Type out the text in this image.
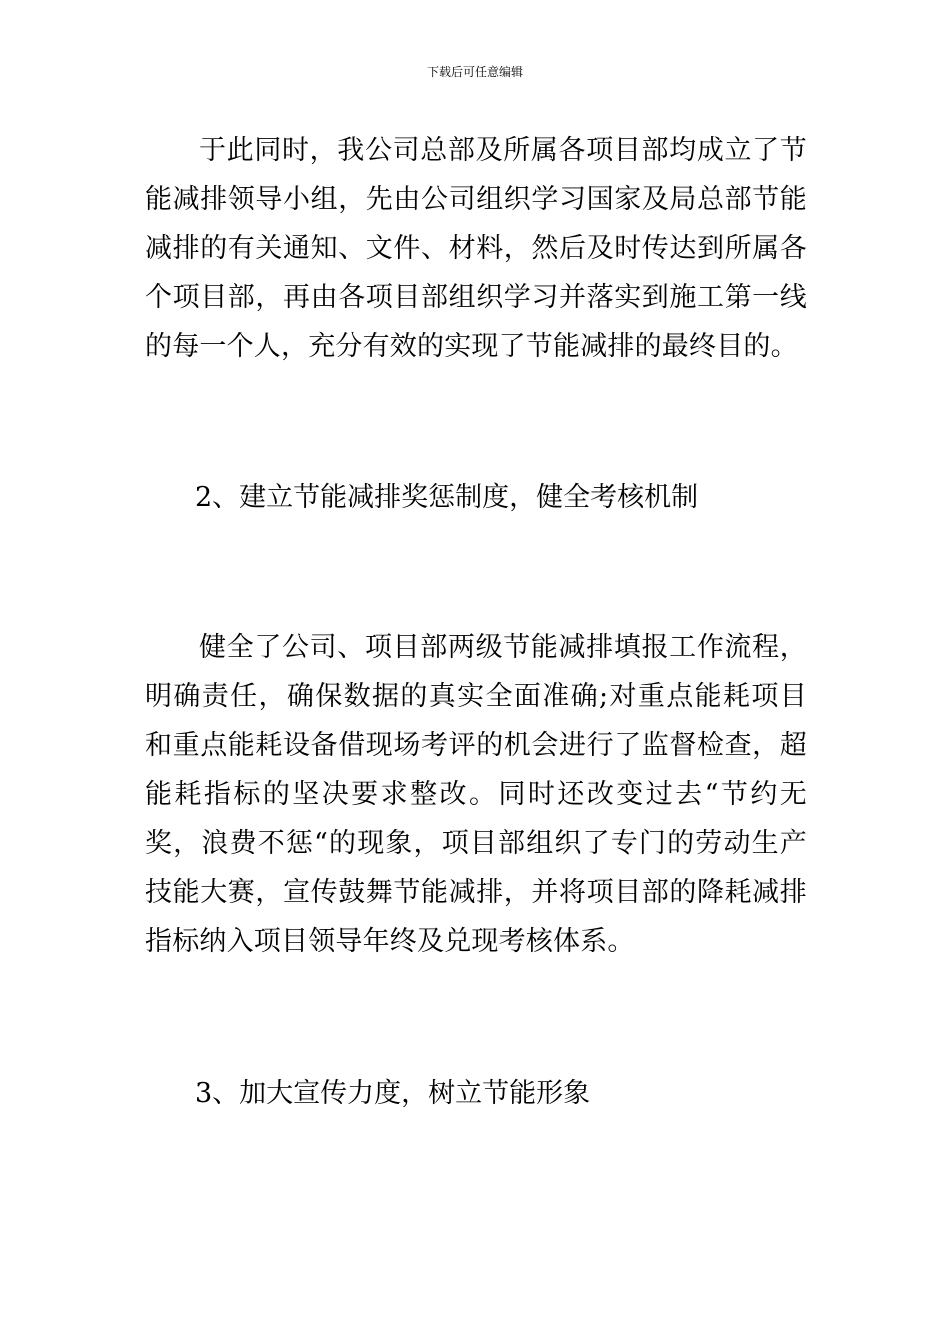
下载后可任意编辑

于此同时，我公司总部及所属各项目部均成立了节能减排领导小组，先由公司组织学习国家及局总部节能减排的有关通知、文件、材料，然后及时传达到所属各个项目部，再由各项目部组织学习并落实到施工第一线的每一个人，充分有效的实现了节能减排的最终目的。

2、建立节能减排奖惩制度，健全考核机制

健全了公司、项目部两级节能减排填报工作流程，明确责任，确保数据的真实全面准确;对重点能耗项目和重点能耗设备借现场考评的机会进行了监督检查，超能耗指标的坚决要求整改。同时还改变过去“节约无奖，浪费不惩“的现象，项目部组织了专门的劳动生产技能大赛，宣传鼓舞节能减排，并将项目部的降耗减排指标纳入项目领导年终及兑现考核体系。

3、加大宣传力度，树立节能形象
